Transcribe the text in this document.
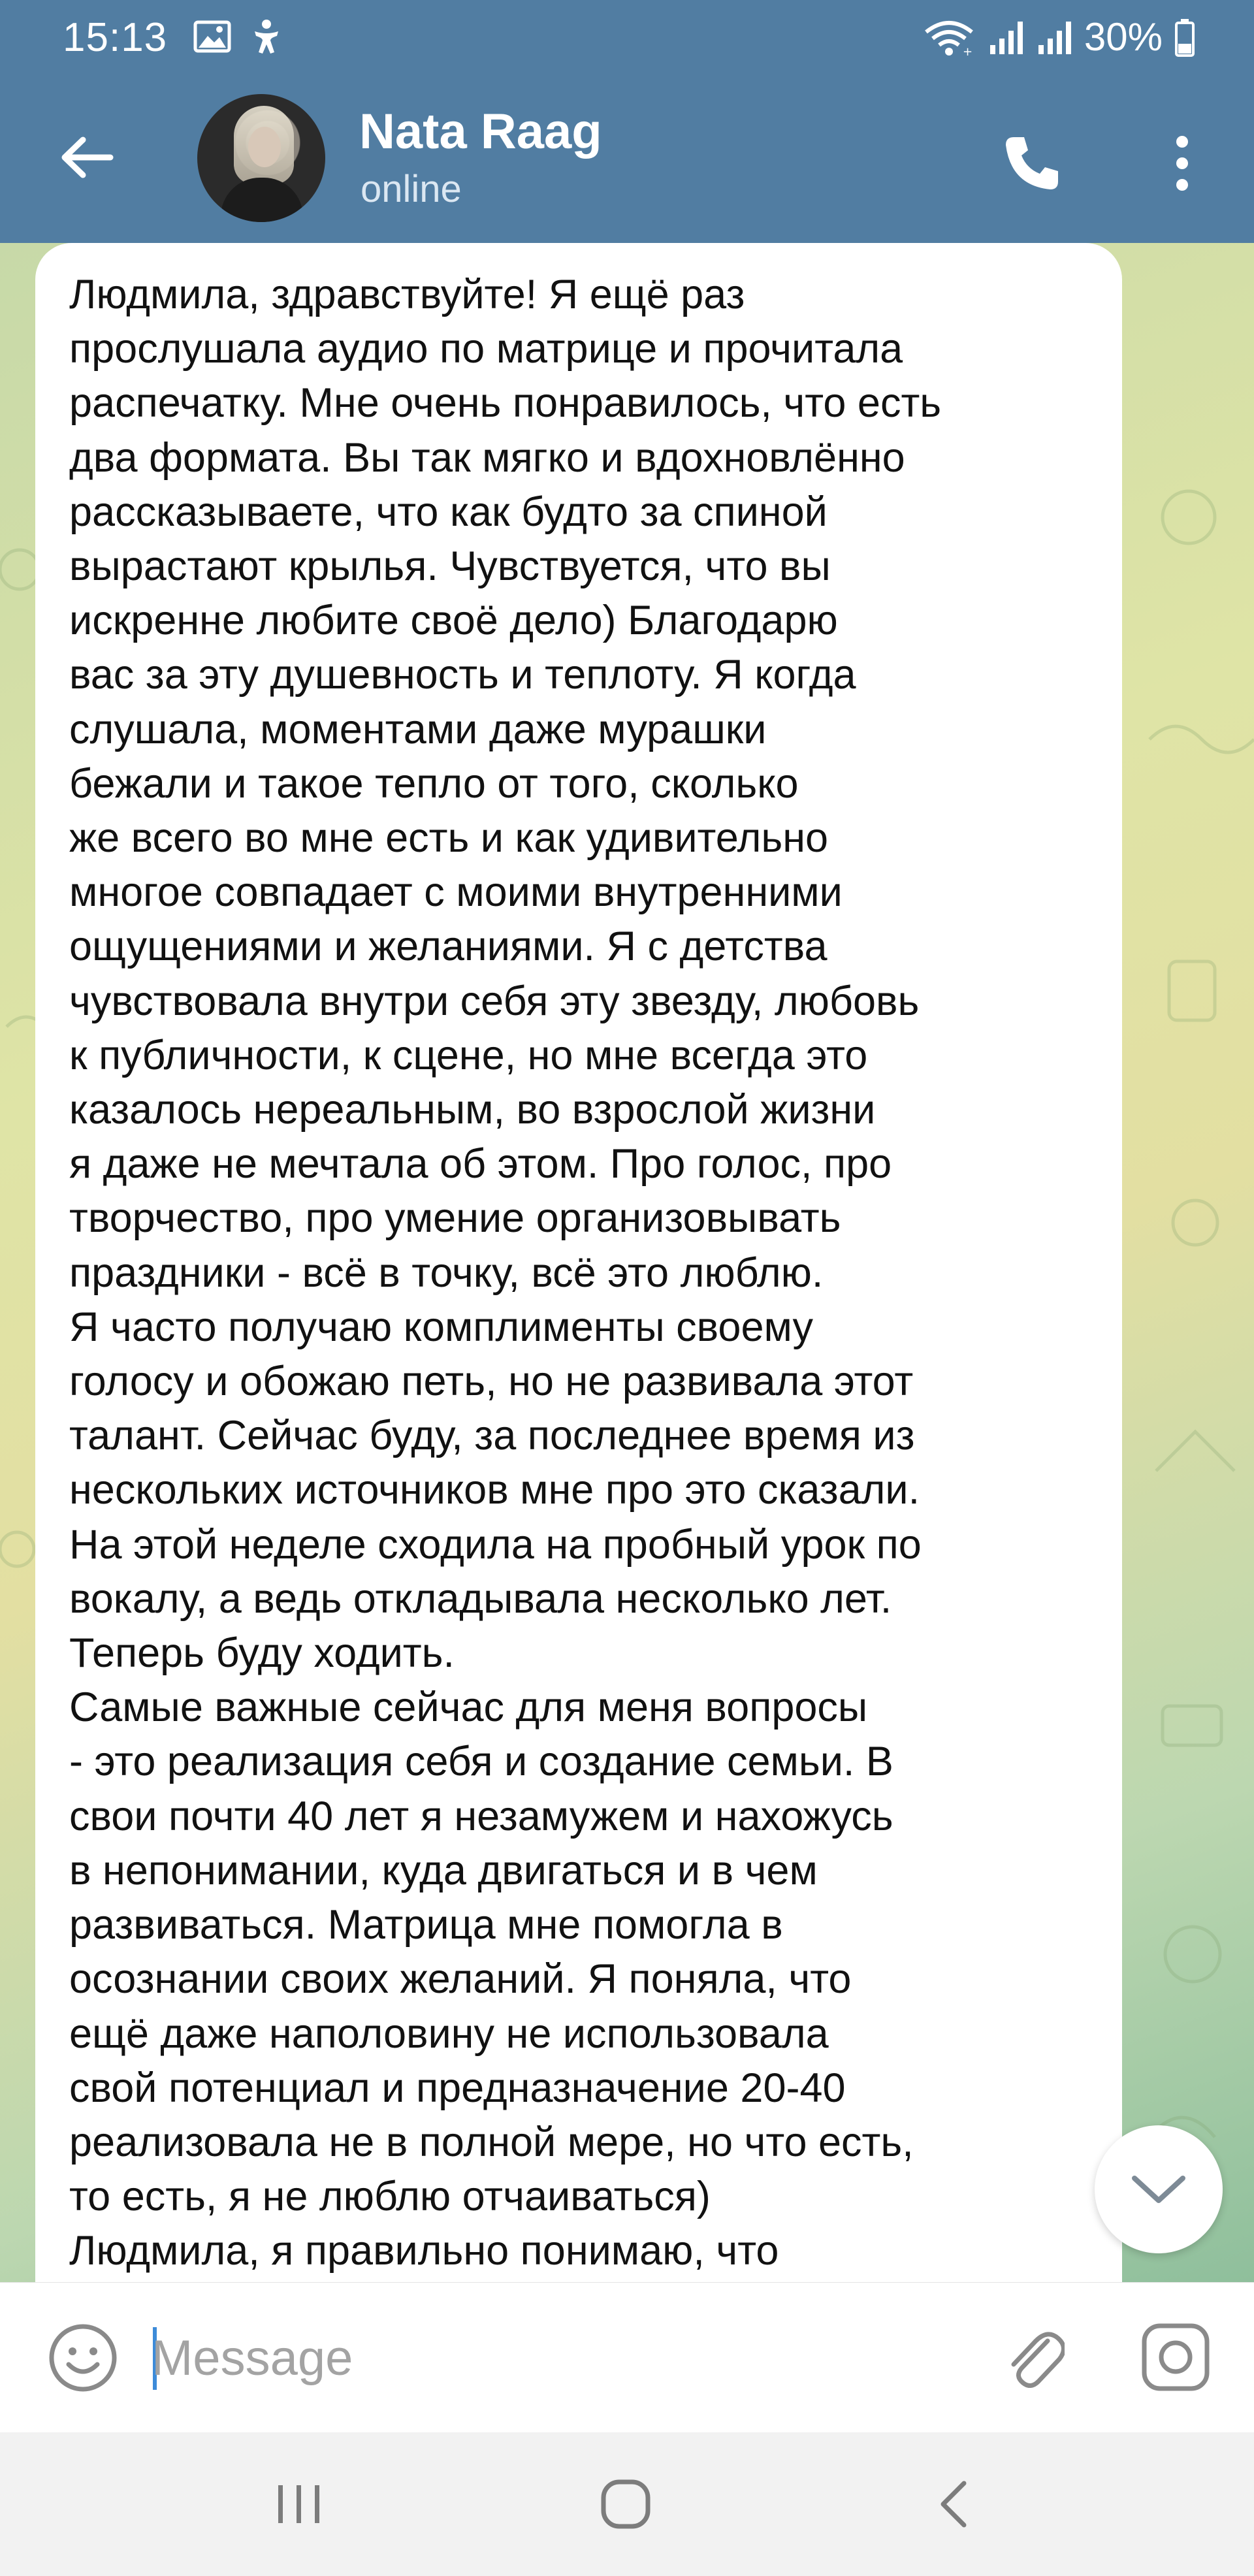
15:13	+	30%
Nata Raag
online
Людмила, здравствуйте! Я ещё раз
прослушала аудио по матрице и прочитала
распечатку. Мне очень понравилось, что есть
два формата. Вы так мягко и вдохновлённо
рассказываете, что как будто за спиной
вырастают крылья. Чувствуется, что вы
искренне любите своё дело) Благодарю
вас за эту душевность и теплоту. Я когда
слушала, моментами даже мурашки
бежали и такое тепло от того, сколько
же всего во мне есть и как удивительно
многое совпадает с моими внутренними
ощущениями и желаниями. Я с детства
чувствовала внутри себя эту звезду, любовь
к публичности, к сцене, но мне всегда это
казалось нереальным, во взрослой жизни
я даже не мечтала об этом. Про голос, про
творчество, про умение организовывать
праздники - всё в точку, всё это люблю.
Я часто получаю комплименты своему
голосу и обожаю петь, но не развивала этот
талант. Сейчас буду, за последнее время из
нескольких источников мне про это сказали.
На этой неделе сходила на пробный урок по
вокалу, а ведь откладывала несколько лет.
Теперь буду ходить.
Самые важные сейчас для меня вопросы
- это реализация себя и создание семьи. В
свои почти 40 лет я незамужем и нахожусь
в непонимании, куда двигаться и в чем
развиваться. Матрица мне помогла в
осознании своих желаний. Я поняла, что
ещё даже наполовину не использовала
свой потенциал и предназначение 20-40
реализовала не в полной мере, но что есть,
то есть, я не люблю отчаиваться)
Людмила, я правильно понимаю, что
Message
